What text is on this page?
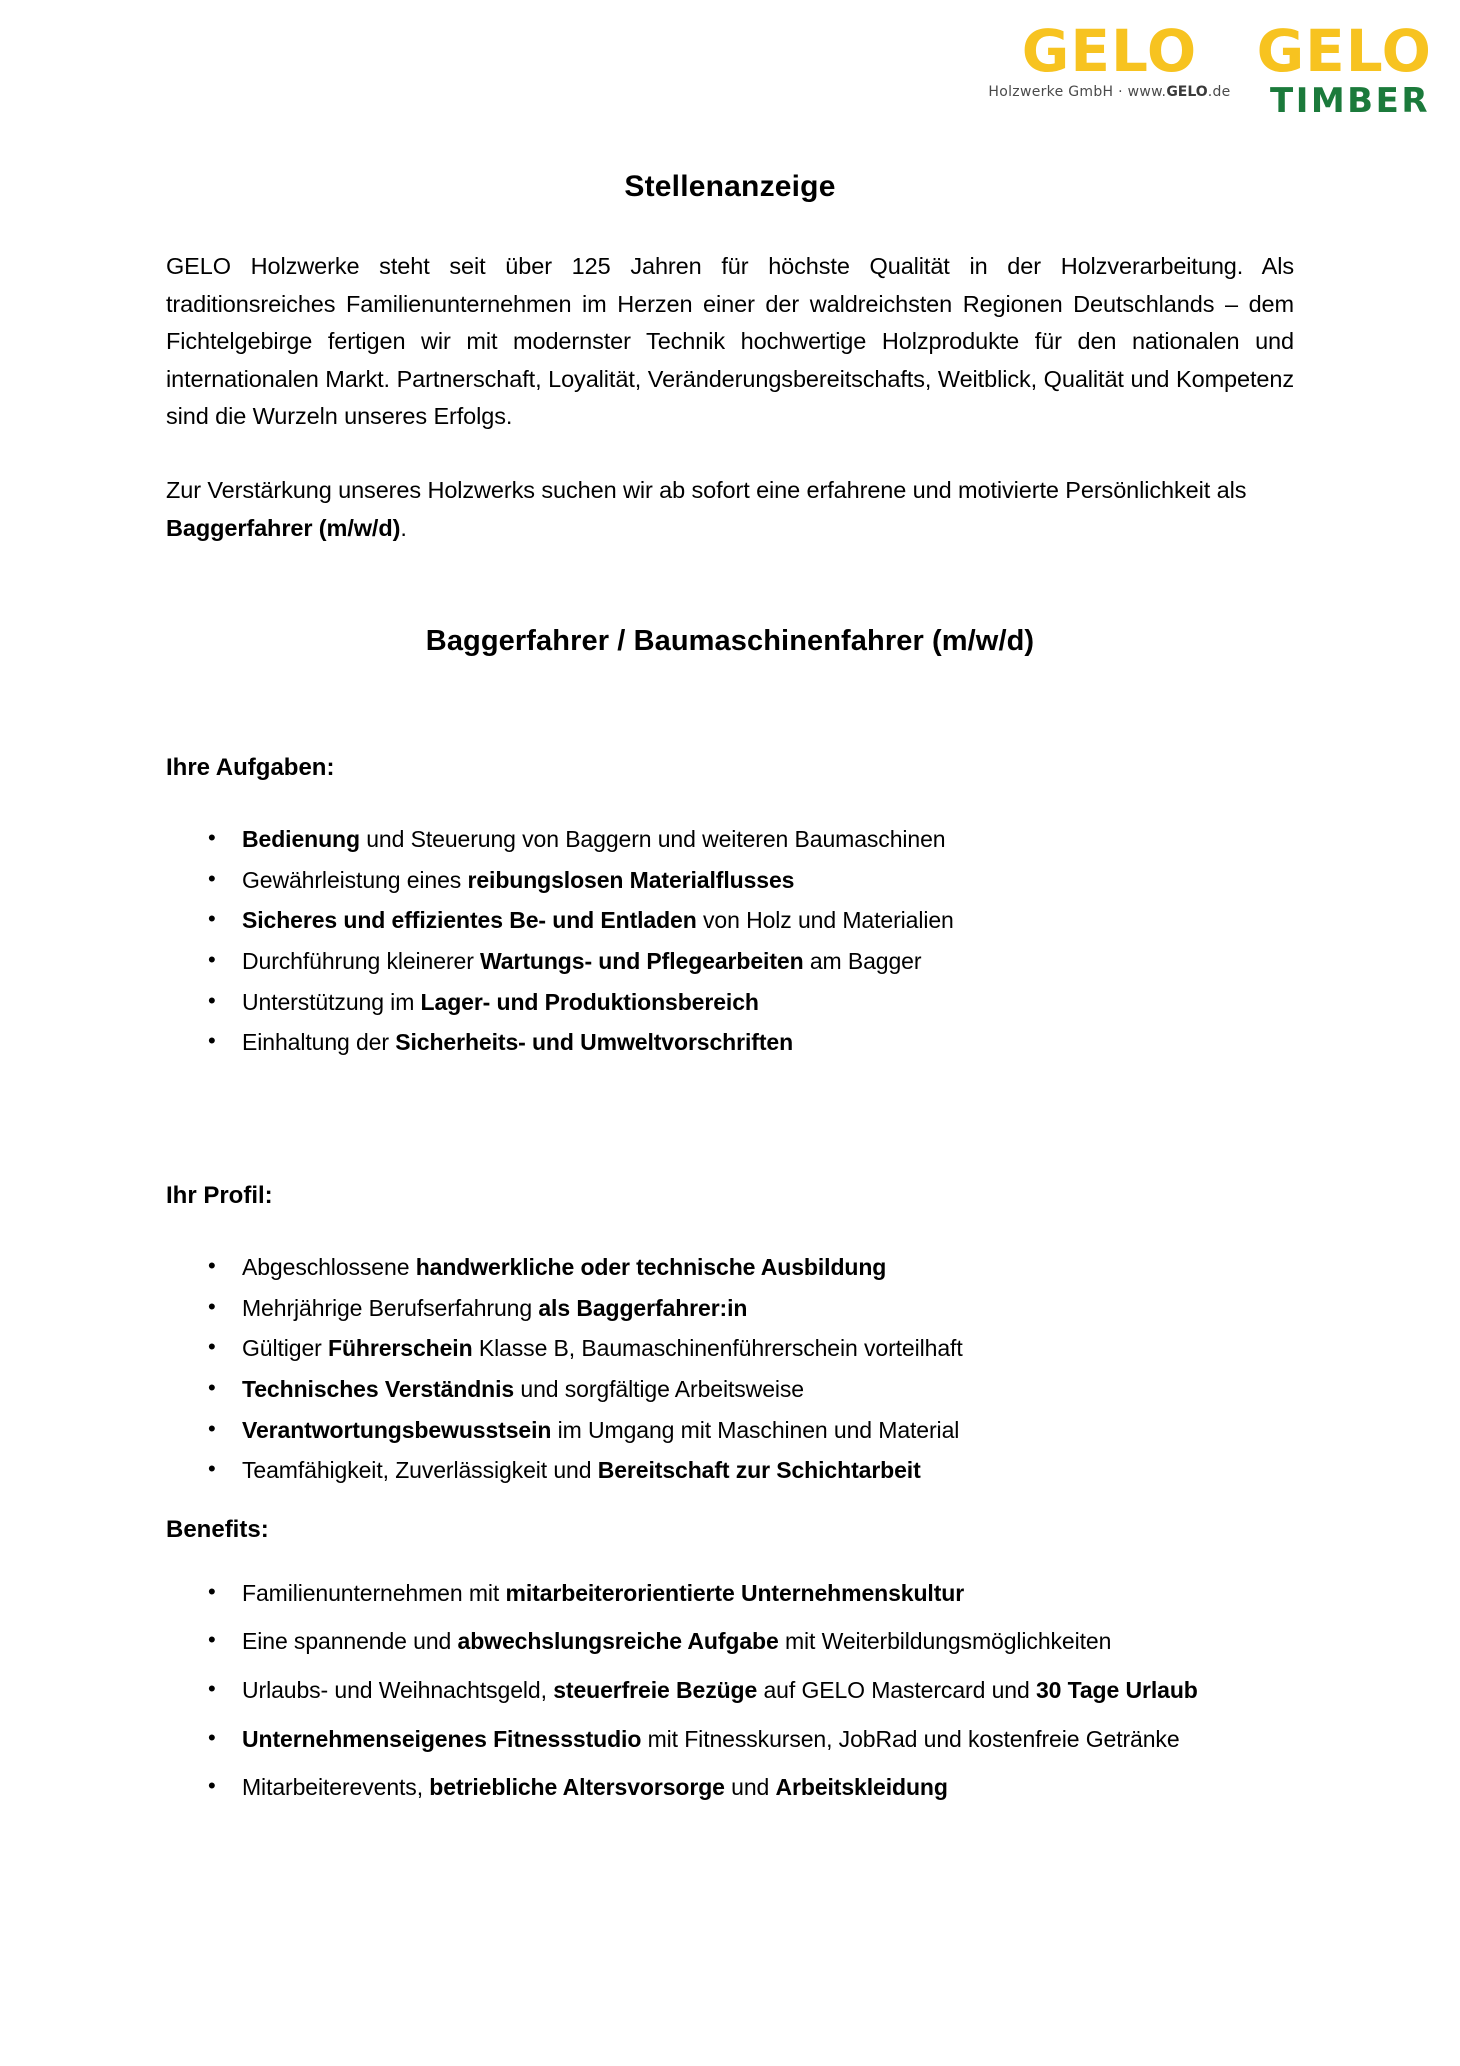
GELO
Holzwerke GmbH · www.GELO.de
GELO
TIMBER
Stellenanzeige

GELO Holzwerke steht seit über 125 Jahren für höchste Qualität in der Holzverarbeitung. Als traditionsreiches Familienunternehmen im Herzen einer der waldreichsten Regionen Deutschlands – dem Fichtelgebirge fertigen wir mit modernster Technik hochwertige Holzprodukte für den nationalen und internationalen Markt. Partnerschaft, Loyalität, Veränderungsbereitschafts, Weitblick, Qualität und Kompetenz sind die Wurzeln unseres Erfolgs.

Zur Verstärkung unseres Holzwerks suchen wir ab sofort eine erfahrene und motivierte Persönlichkeit als Baggerfahrer (m/w/d).

Baggerfahrer / Baumaschinenfahrer (m/w/d)
Ihre Aufgaben:
• Bedienung und Steuerung von Baggern und weiteren Baumaschinen
• Gewährleistung eines reibungslosen Materialflusses
• Sicheres und effizientes Be- und Entladen von Holz und Materialien
• Durchführung kleinerer Wartungs- und Pflegearbeiten am Bagger
• Unterstützung im Lager- und Produktionsbereich
• Einhaltung der Sicherheits- und Umweltvorschriften
Ihr Profil:
• Abgeschlossene handwerkliche oder technische Ausbildung
• Mehrjährige Berufserfahrung als Baggerfahrer:in
• Gültiger Führerschein Klasse B, Baumaschinenführerschein vorteilhaft
• Technisches Verständnis und sorgfältige Arbeitsweise
• Verantwortungsbewusstsein im Umgang mit Maschinen und Material
• Teamfähigkeit, Zuverlässigkeit und Bereitschaft zur Schichtarbeit
Benefits:
• Familienunternehmen mit mitarbeiterorientierte Unternehmenskultur
• Eine spannende und abwechslungsreiche Aufgabe mit Weiterbildungsmöglichkeiten
• Urlaubs- und Weihnachtsgeld, steuerfreie Bezüge auf GELO Mastercard und 30 Tage Urlaub
• Unternehmenseigenes Fitnessstudio mit Fitnesskursen, JobRad und kostenfreie Getränke
• Mitarbeiterevents, betriebliche Altersvorsorge und Arbeitskleidung
